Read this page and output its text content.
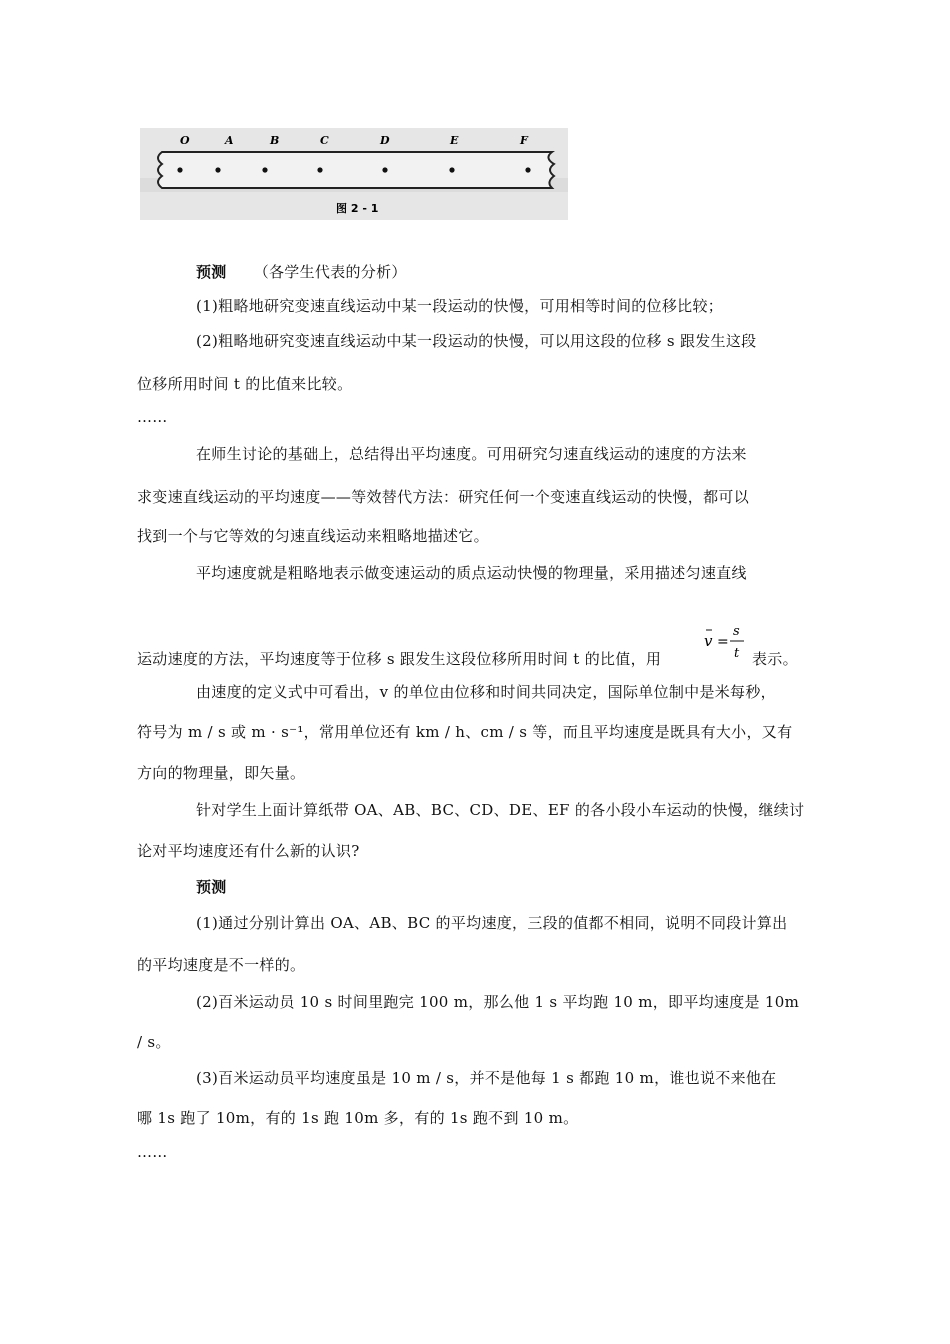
O	A	B	C	D	E	F
图 2 - 1
预测 （各学生代表的分析）
(1)粗略地研究变速直线运动中某一段运动的快慢，可用相等时间的位移比较；
(2)粗略地研究变速直线运动中某一段运动的快慢，可以用这段的位移 s 跟发生这段
位移所用时间 t 的比值来比较。
……
在师生讨论的基础上，总结得出平均速度。可用研究匀速直线运动的速度的方法来
求变速直线运动的平均速度——等效替代方法：研究任何一个变速直线运动的快慢，都可以
找到一个与它等效的匀速直线运动来粗略地描述它。
平均速度就是粗略地表示做变速运动的质点运动快慢的物理量，采用描述匀速直线
运动速度的方法，平均速度等于位移 s 跟发生这段位移所用时间 t 的比值，用	表示。
v =
s
t
由速度的定义式中可看出，v 的单位由位移和时间共同决定，国际单位制中是米每秒，
符号为 m / s 或 m · s⁻¹，常用单位还有 km / h、cm / s 等，而且平均速度是既具有大小，又有
方向的物理量，即矢量。
针对学生上面计算纸带 OA、AB、BC、CD、DE、EF 的各小段小车运动的快慢，继续讨
论对平均速度还有什么新的认识?
预测
(1)通过分别计算出 OA、AB、BC 的平均速度，三段的值都不相同，说明不同段计算出
的平均速度是不一样的。
(2)百米运动员 10 s 时间里跑完 100 m，那么他 1 s 平均跑 10 m，即平均速度是 10m
/ s。
(3)百米运动员平均速度虽是 10 m / s，并不是他每 1 s 都跑 10 m，谁也说不来他在
哪 1s 跑了 10m，有的 1s 跑 10m 多，有的 1s 跑不到 10 m。
……
